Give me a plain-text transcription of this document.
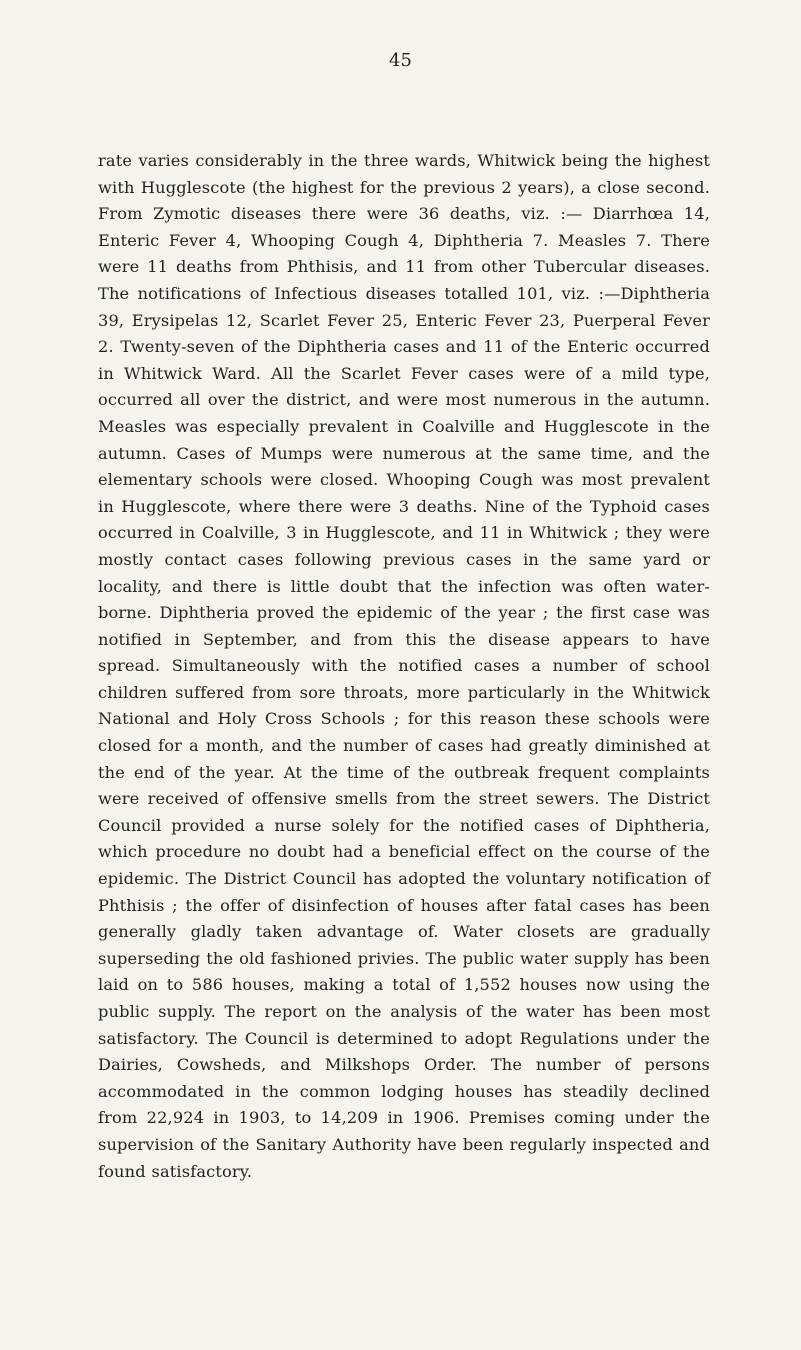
45

rate varies considerably in the three wards, Whitwick being the highest with Hugglescote (the highest for the previous 2 years), a close second. From Zymotic diseases there were 36 deaths, viz. :— Diarrhœa 14, Enteric Fever 4, Whooping Cough 4, Diphtheria 7. Measles 7. There were 11 deaths from Phthisis, and 11 from other Tubercular diseases. The notifications of Infectious diseases totalled 101, viz. :—Diphtheria 39, Erysipelas 12, Scarlet Fever 25, Enteric Fever 23, Puerperal Fever 2. Twenty-seven of the Diphtheria cases and 11 of the Enteric occurred in Whitwick Ward. All the Scarlet Fever cases were of a mild type, occurred all over the district, and were most numerous in the autumn. Measles was especially prevalent in Coalville and Hugglescote in the autumn. Cases of Mumps were numerous at the same time, and the elementary schools were closed. Whooping Cough was most prevalent in Hugglescote, where there were 3 deaths. Nine of the Typhoid cases occurred in Coalville, 3 in Hugglescote, and 11 in Whitwick ; they were mostly contact cases following previous cases in the same yard or locality, and there is little doubt that the infection was often water-borne. Diphtheria proved the epidemic of the year ; the first case was notified in September, and from this the disease appears to have spread. Simultaneously with the notified cases a number of school children suffered from sore throats, more particularly in the Whitwick National and Holy Cross Schools ; for this reason these schools were closed for a month, and the number of cases had greatly diminished at the end of the year. At the time of the outbreak frequent complaints were received of offensive smells from the street sewers. The District Council provided a nurse solely for the notified cases of Diphtheria, which procedure no doubt had a beneficial effect on the course of the epidemic. The District Council has adopted the voluntary notification of Phthisis ; the offer of disinfection of houses after fatal cases has been generally gladly taken advantage of. Water closets are gradually superseding the old fashioned privies. The public water supply has been laid on to 586 houses, making a total of 1,552 houses now using the public supply. The report on the analysis of the water has been most satisfactory. The Council is determined to adopt Regulations under the Dairies, Cowsheds, and Milkshops Order. The number of persons accommodated in the common lodging houses has steadily declined from 22,924 in 1903, to 14,209 in 1906. Premises coming under the supervision of the Sanitary Authority have been regularly inspected and found satisfactory.
